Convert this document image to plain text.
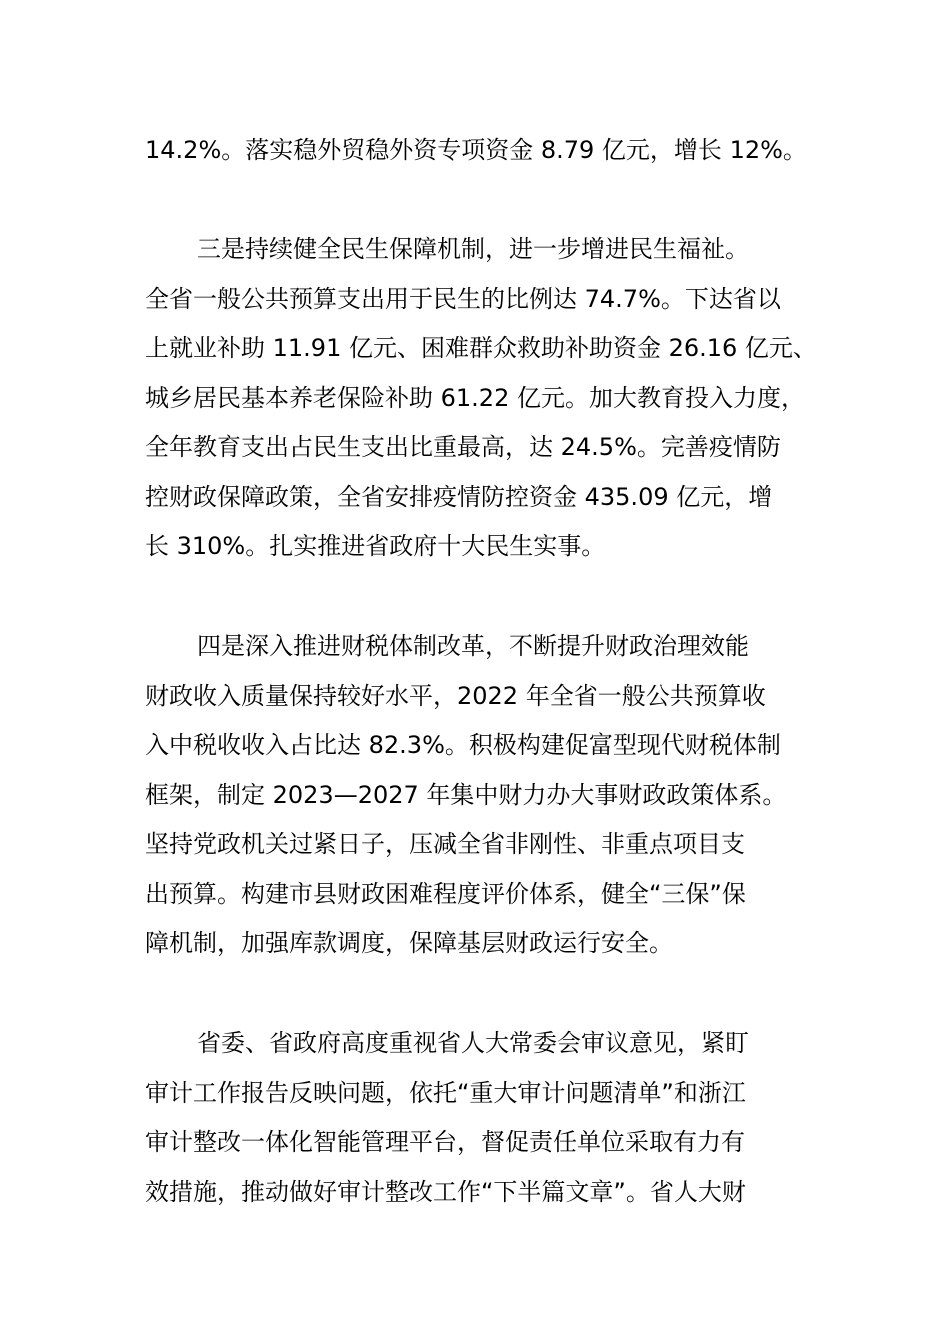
14.2%。落实稳外贸稳外资专项资金 8.79 亿元，增长 12%。
三是持续健全民生保障机制，进一步增进民生福祉。
全省一般公共预算支出用于民生的比例达 74.7%。下达省以
上就业补助 11.91 亿元、困难群众救助补助资金 26.16 亿元、
城乡居民基本养老保险补助 61.22 亿元。加大教育投入力度，
全年教育支出占民生支出比重最高，达 24.5%。完善疫情防
控财政保障政策，全省安排疫情防控资金 435.09 亿元，增
长 310%。扎实推进省政府十大民生实事。
四是深入推进财税体制改革，不断提升财政治理效能
财政收入质量保持较好水平，2022 年全省一般公共预算收
入中税收收入占比达 82.3%。积极构建促富型现代财税体制
框架，制定 2023—2027 年集中财力办大事财政政策体系。
坚持党政机关过紧日子，压减全省非刚性、非重点项目支
出预算。构建市县财政困难程度评价体系，健全“三保”保
障机制，加强库款调度，保障基层财政运行安全。
省委、省政府高度重视省人大常委会审议意见，紧盯
审计工作报告反映问题，依托“重大审计问题清单”和浙江
审计整改一体化智能管理平台，督促责任单位采取有力有
效措施，推动做好审计整改工作“下半篇文章”。省人大财
